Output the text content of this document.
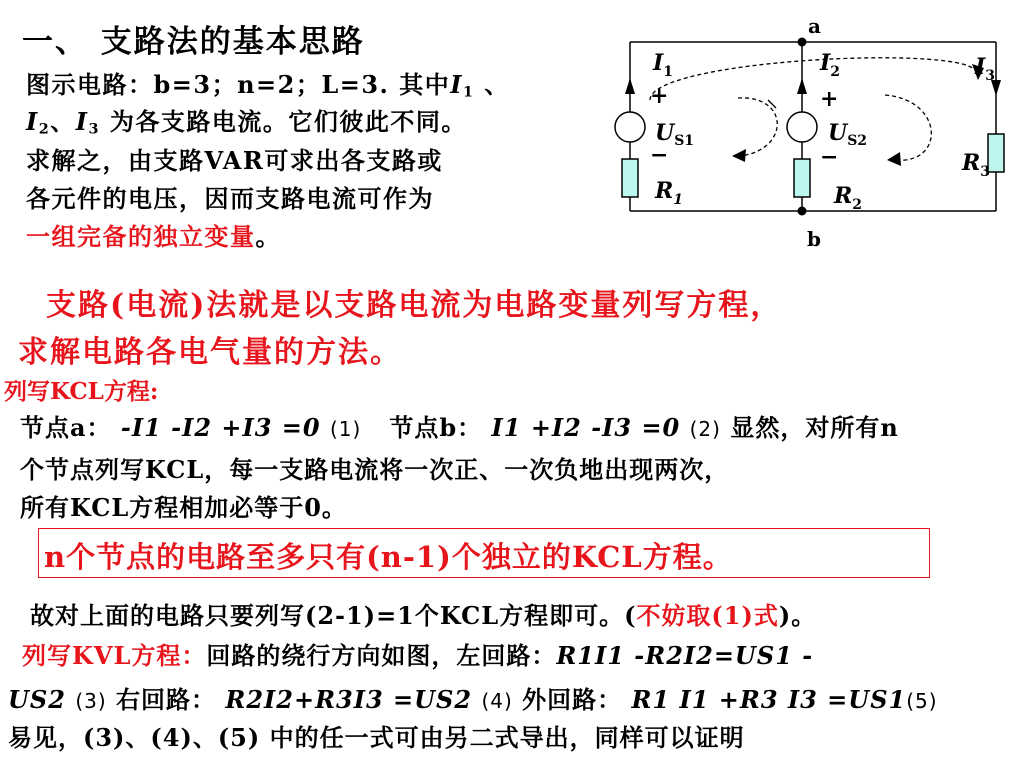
一、 支路法的基本思路
图示电路：b=3；n=2；L=3. 其中$I_1$ 、
$I_2$、$I_3$ 为各支路电流。它们彼此不同。
求解之，由支路VAR可求出各支路或
各元件的电压，因而支路电流可作为
一组完备的独立变量。
a
b
$I_1$	$I_2$	$I_3$
+
−
+
−
$U_{S1}$	$U_{S2}$
$R_1$	$R_2$
$R_3$
支路(电流)法就是以支路电流为电路变量列写方程，
求解电路各电气量的方法。
列写KCL方程:
节点a： -I1 -I2 +I3 =0 (1) 节点b： I1 +I2 -I3 =0 (2) 显然，对所有n
个节点列写KCL，每一支路电流将一次正、一次负地出现两次，
所有KCL方程相加必等于0。
n个节点的电路至多只有(n-1)个独立的KCL方程。
故对上面的电路只要列写(2-1)=1个KCL方程即可。(不妨取(1)式)。
列写KVL方程：回路的绕行方向如图，左回路：R1I1 -R2I2=US1 -
US2 (3) 右回路： R2I2+R3I3 =US2 (4) 外回路： R1 I1 +R3 I3 =US1(5)
易见，(3)、(4)、(5) 中的任一式可由另二式导出，同样可以证明
